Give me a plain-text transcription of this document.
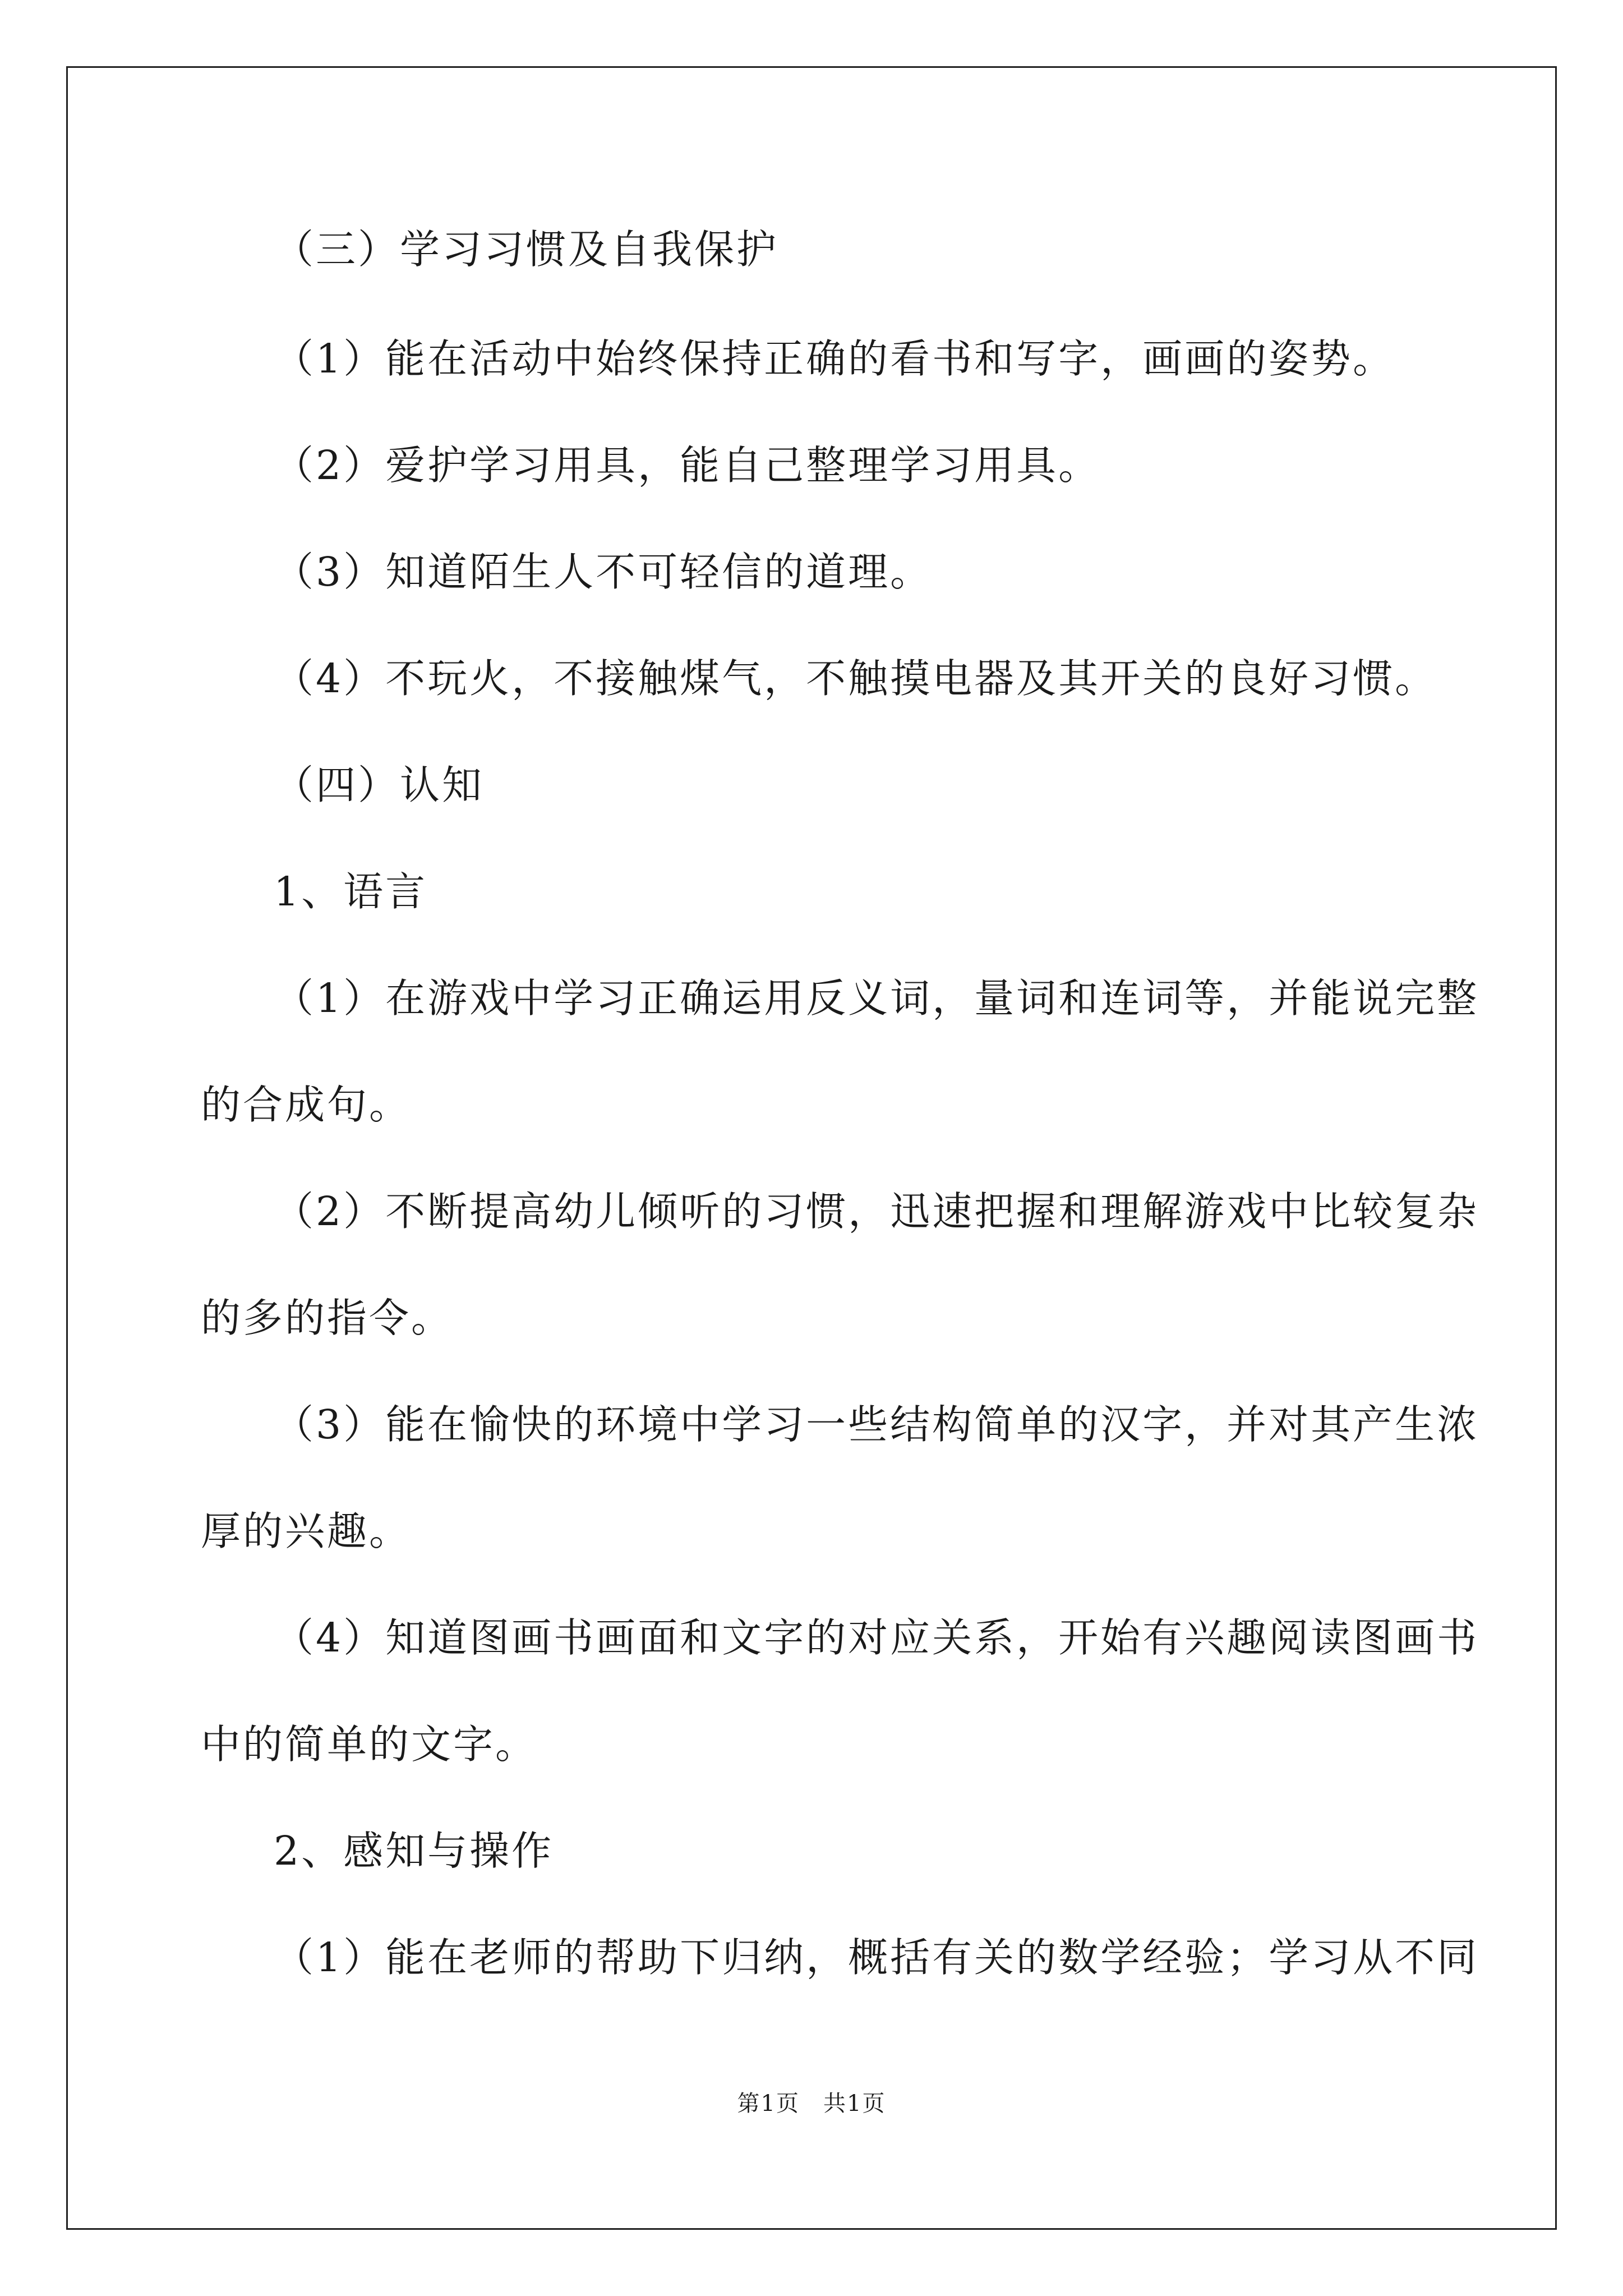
（三）学习习惯及自我保护
（1）能在活动中始终保持正确的看书和写字，画画的姿势。
（2）爱护学习用具，能自己整理学习用具。
（3）知道陌生人不可轻信的道理。
（4）不玩火，不接触煤气，不触摸电器及其开关的良好习惯。
（四）认知
1、语言
（1）在游戏中学习正确运用反义词，量词和连词等，并能说完整
的合成句。
（2）不断提高幼儿倾听的习惯，迅速把握和理解游戏中比较复杂
的多的指令。
（3）能在愉快的环境中学习一些结构简单的汉字，并对其产生浓
厚的兴趣。
（4）知道图画书画面和文字的对应关系，开始有兴趣阅读图画书
中的简单的文字。
2、感知与操作
（1）能在老师的帮助下归纳，概括有关的数学经验；学习从不同
第1页　共1页
